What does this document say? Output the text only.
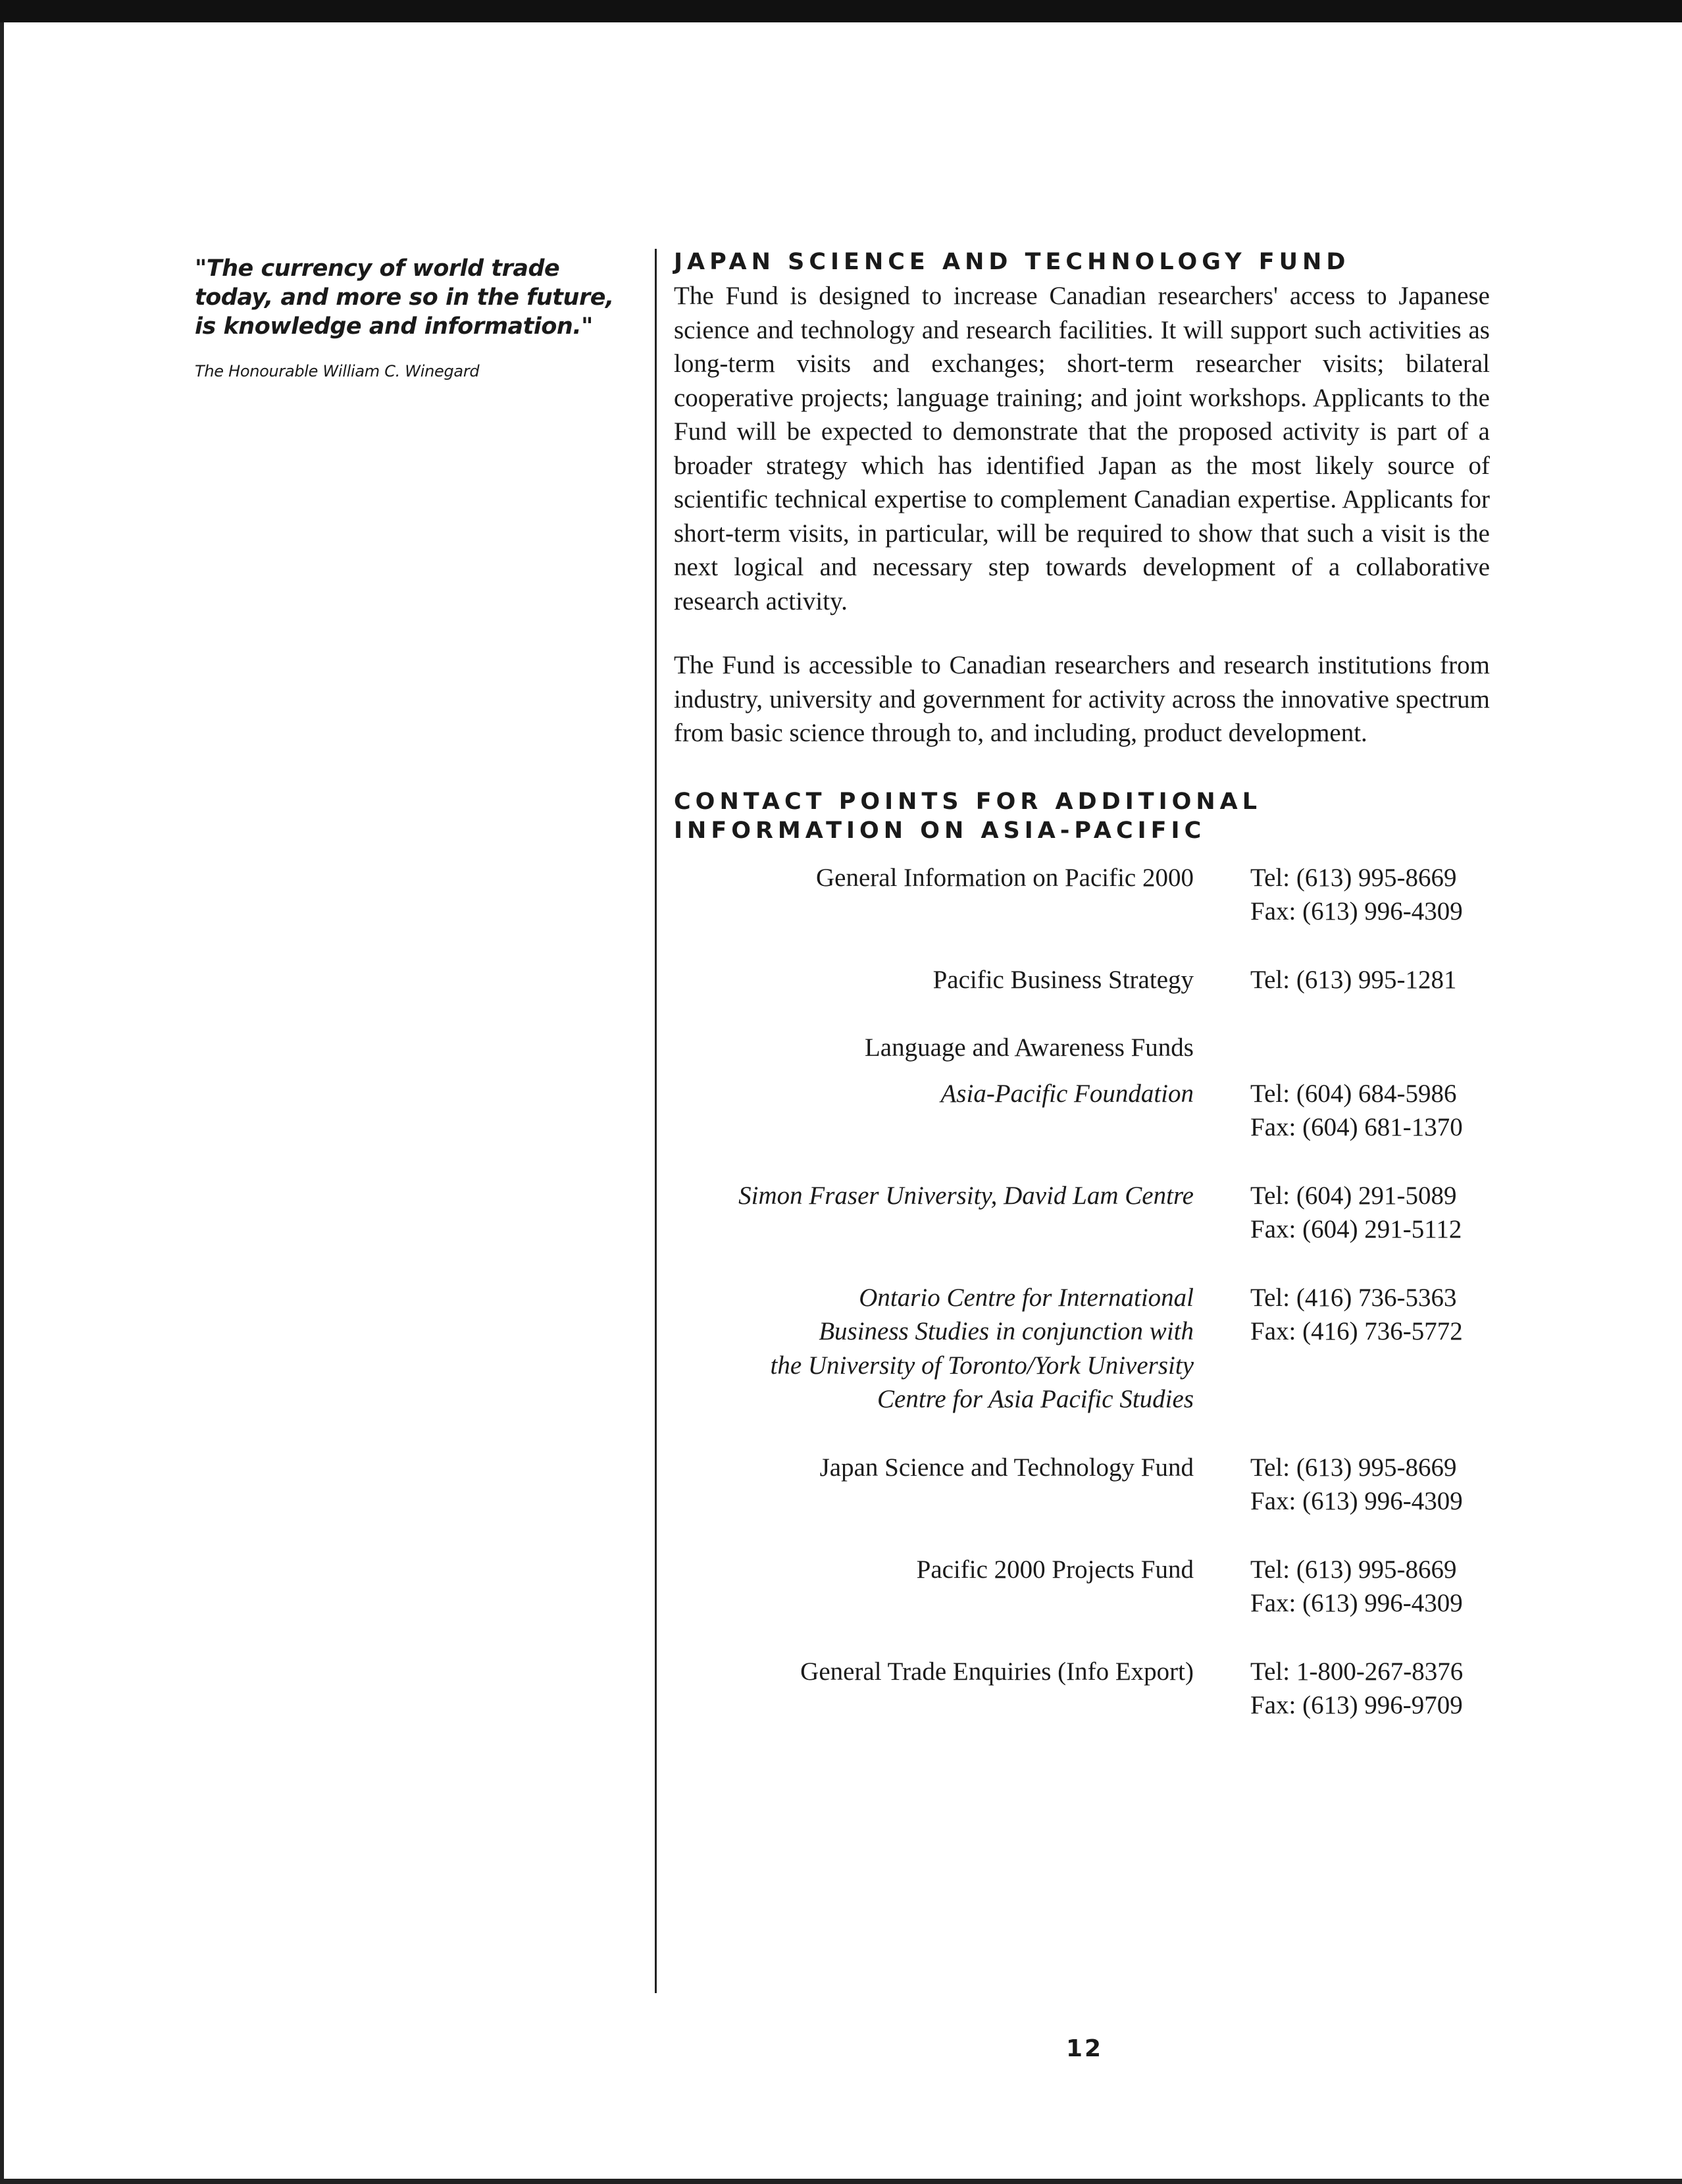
"The currency of world trade today, and more so in the future, is knowledge and information."

The Honourable William C. Winegard
JAPAN SCIENCE AND TECHNOLOGY FUND

The Fund is designed to increase Canadian researchers' access to Japanese science and technology and research facilities. It will support such activities as long-term visits and exchanges; short-term researcher visits; bilateral cooperative projects; language training; and joint workshops. Applicants to the Fund will be expected to demonstrate that the proposed activity is part of a broader strategy which has identified Japan as the most likely source of scientific technical expertise to complement Canadian expertise. Applicants for short-term visits, in particular, will be required to show that such a visit is the next logical and necessary step towards development of a collaborative research activity.

The Fund is accessible to Canadian researchers and research institutions from industry, university and government for activity across the innovative spectrum from basic science through to, and including, product development.

CONTACT POINTS FOR ADDITIONAL
INFORMATION ON ASIA-PACIFIC
General Information on Pacific 2000 Tel: (613) 995-8669
Fax: (613) 996-4309
Pacific Business Strategy Tel: (613) 995-1281
Language and Awareness Funds
Asia-Pacific Foundation Tel: (604) 684-5986
Fax: (604) 681-1370
Simon Fraser University, David Lam Centre Tel: (604) 291-5089
Fax: (604) 291-5112
Ontario Centre for International
Business Studies in conjunction with
the University of Toronto/York University
Centre for Asia Pacific Studies
Tel: (416) 736-5363
Fax: (416) 736-5772
Japan Science and Technology Fund Tel: (613) 995-8669
Fax: (613) 996-4309
Pacific 2000 Projects Fund Tel: (613) 995-8669
Fax: (613) 996-4309
General Trade Enquiries (Info Export) Tel: 1-800-267-8376
Fax: (613) 996-9709
12
